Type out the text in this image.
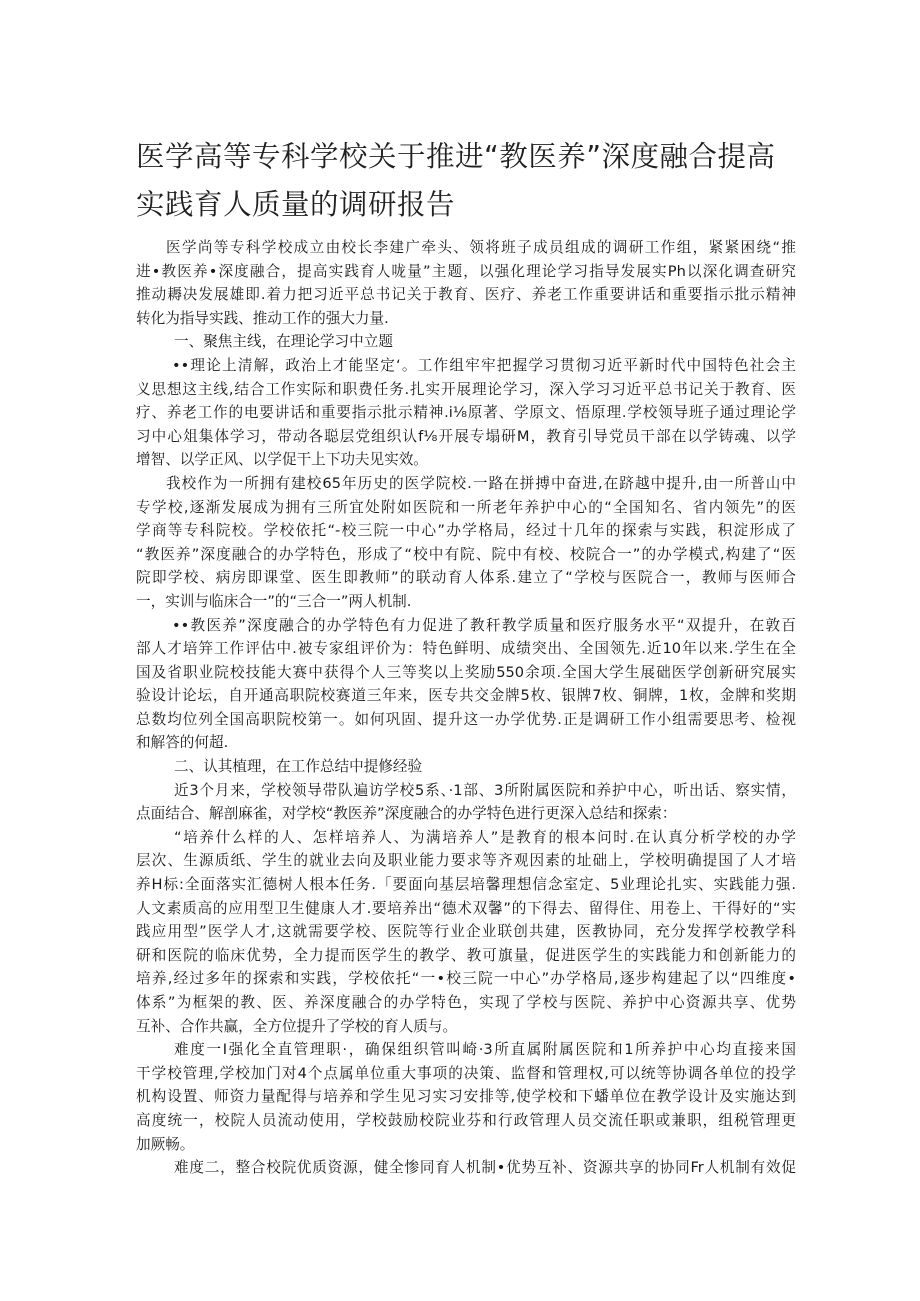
医学高等专科学校关于推进“教医养”深度融合提高
实践育人质量的调研报告
医学尚等专科学校成立由校长李建广牵头、领将班子成员组成的调研工作组，紧紧困绕“推
进•教医养•深度融合，提高实践育人咙量”主题，以强化理论学习指导发展实Ph以深化调查研究
推动耨决发展雄即.着力把习近平总书记关于教育、医疗、养老工作重要讲话和重要指示批示精神
转化为指导实践、推动工作的强大力量.
一、聚焦主线，在理论学习中立题
••理论上清解，政治上才能坚定‘。工作组牢牢把握学习贯彻习近平新时代中国特色社会主
义思想这主线,结合工作实际和职费任务.扎实开展理论学习，深入学习习近平总书记关于教育、医
疗、养老工作的电要讲话和重要指示批示精神.i⅛原著、学原文、悟原理.学校领导班子通过理论学
习中心俎集体学习，带动各聪层党组织认f⅛开展专塌研M，教育引导党员干部在以学铸魂、以学
增智、以学正风、以学促干上下功夫见实效。
我校作为一所拥有建校65年历史的医学院校.一路在拼搏中奋进,在跻越中提升,由一所普山中
专学校,逐渐发展成为拥有三所宜处附如医院和一所老年养护中心的“全国知名、省内领先”的医
学商等专科院校。学校依托“-校三院一中心”办学格局，经过十几年的探索与实践，积淀形成了
“教医养”深度融合的办学特色，形成了“校中有院、院中有校、校院合一”的办学模式,构建了“医
院即学校、病房即课堂、医生即教师”的联动育人体系.建立了“学校与医院合一，教师与医师合
一，实训与临床合一”的“三合一”两人机制.
••教医养”深度融合的办学特色有力促进了教秆教学质量和医疗服务水平“双提升，在敦百
部人才培笄工作评估中.被专家组评价为：特色鲜明、成绩突出、全国领先.近10年以来.学生在全
国及省职业院校技能大赛中获得个人三等奖以上奖励550余项.全国大学生展础医学创新研究展实
验设计论坛，自开通高职院校赛道三年来，医专共交金牌5枚、银牌7枚、铜牌，1枚，金牌和奖期
总数均位列全国高职院校第一。如何巩固、提升这一办学优势.正是调研工作小组需要思考、检视
和解答的何超.
二、认其植理，在工作总结中提修经验
近3个月来，学校领导带队遍访学校5系、·1部、3所附属医院和养护中心，听出话、察实情，
点面结合、解剖麻雀，对学校“教医养”深度融合的办学特色进行更深入总结和探索：
“培养什么样的人、怎样培养人、为满培养人”是教育的根本问时.在认真分析学校的办学
层次、生源质纸、学生的就业去向及职业能力要求等齐观因素的址础上，学校明确提国了人才培
养H标:全面落实汇德树人根本任务.「要面向基层培馨理想信念室定、5业理论扎实、实践能力强.
人文素质高的应用型卫生健康人才.要培养出“德术双馨”的下得去、留得住、用卷上、干得好的“实
践应用型”医学人才,这就需要学校、医院等行业企业联创共建，医教协同，充分发挥学校教学科
研和医院的临床优势，全力提而医学生的教学、教可旗量，促进医学生的实践能力和创新能力的
培养,经过多年的探索和实践，学校依托“一•校三院一中心”办学格局,逐步构建起了以“四维度•
体系”为框架的教、医、养深度融合的办学特色，实现了学校与医院、养护中心资源共享、优势
互补、合作共赢，全方位提升了学校的育人质与。
难度一I强化全直管理职·，确保组织管叫崎·3所直属附属医院和1所养护中心均直接来国
干学校管理,学校加门对4个点属单位重大事项的决策、监督和管理权,可以统等协调各单位的投学
机构设置、师资力量配得与培养和学生见习实习安排等,使学校和下蟠单位在教学设计及实施达到
高度统一，校院人员流动使用，学校鼓励校院业芬和行政管理人员交流任职或兼职，组税管理更
加厥畅。
难度二，整合校院优质资源，健全惨同育人机制•优势互补、资源共享的协同Fr人机制有效促
